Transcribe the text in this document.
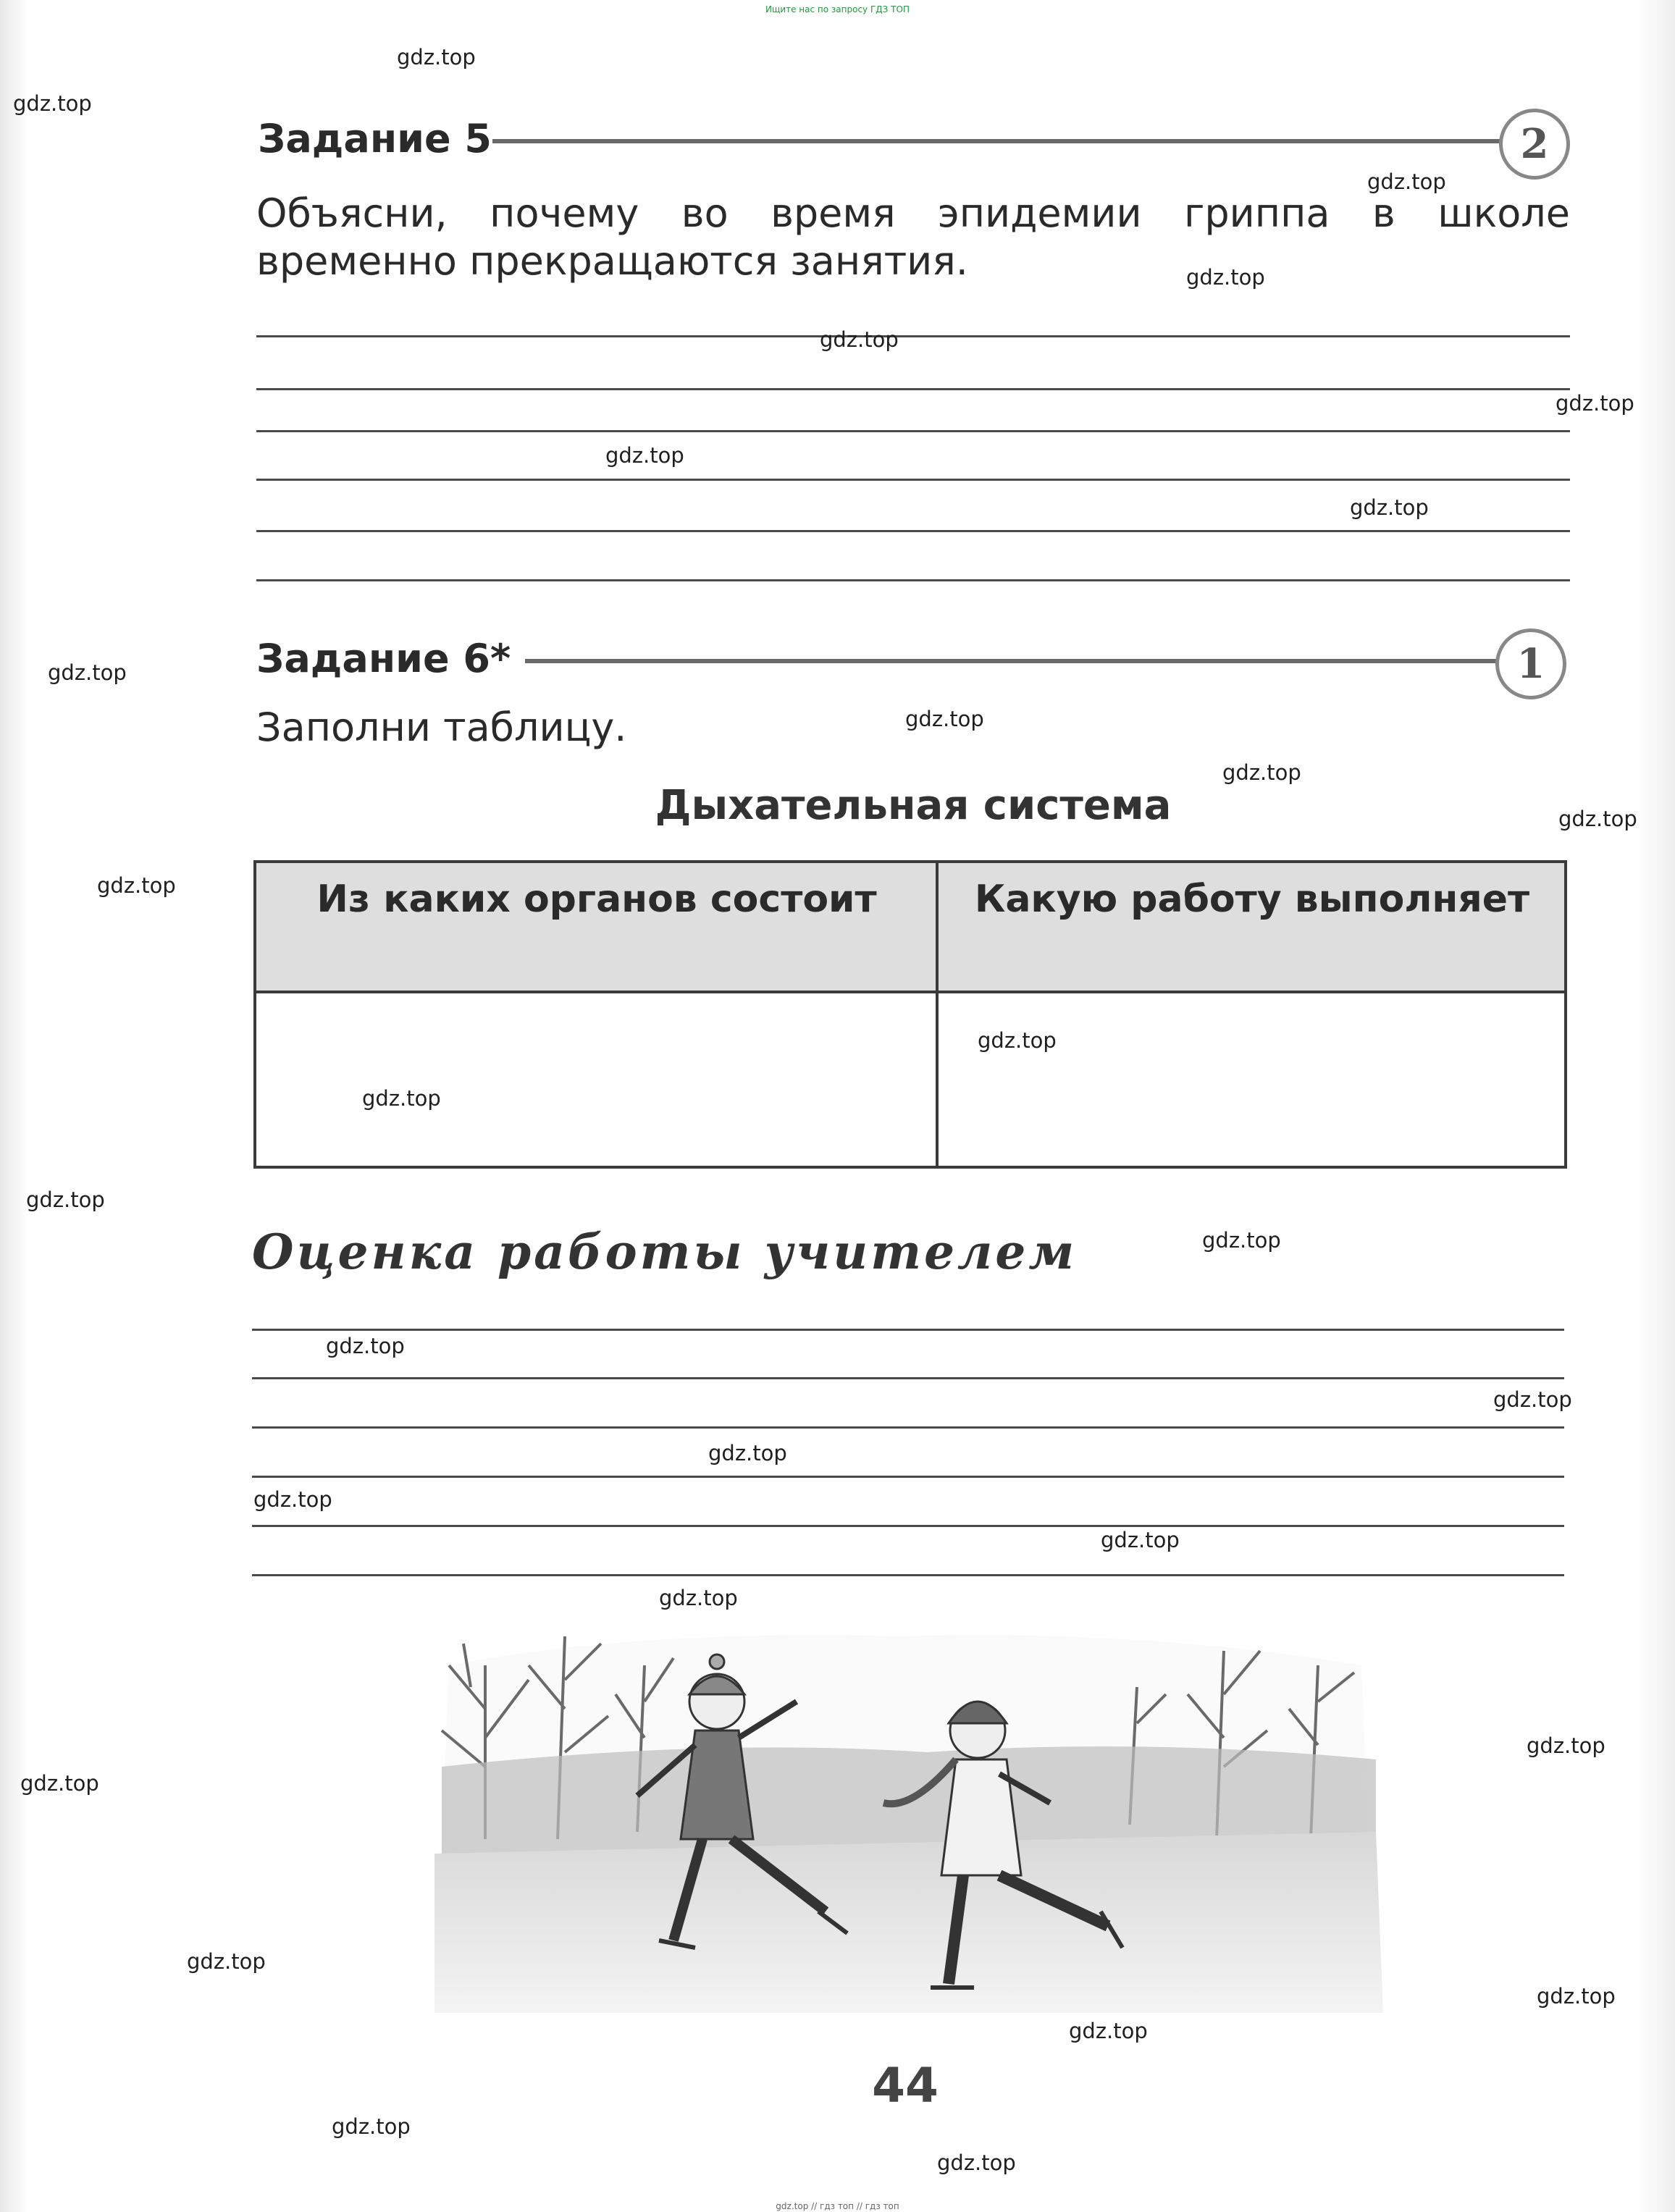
Ищите нас по запросу ГДЗ ТОП
Задание 5	2
Объясни, почему во время эпидемии гриппа в школе
временно прекращаются занятия.
Задание 6*	1
Заполни таблицу.
Дыхательная система
Из каких органов состоит	Какую работу выполняет
Оценка работы учителем
44
gdz.top // гдз топ // гдз топ
gdz.top
gdz.top
gdz.top
gdz.top
gdz.top
gdz.top
gdz.top
gdz.top
gdz.top
gdz.top
gdz.top
gdz.top
gdz.top
gdz.top
gdz.top
gdz.top
gdz.top
gdz.top
gdz.top
gdz.top
gdz.top
gdz.top
gdz.top
gdz.top
gdz.top
gdz.top
gdz.top
gdz.top
gdz.top
gdz.top
